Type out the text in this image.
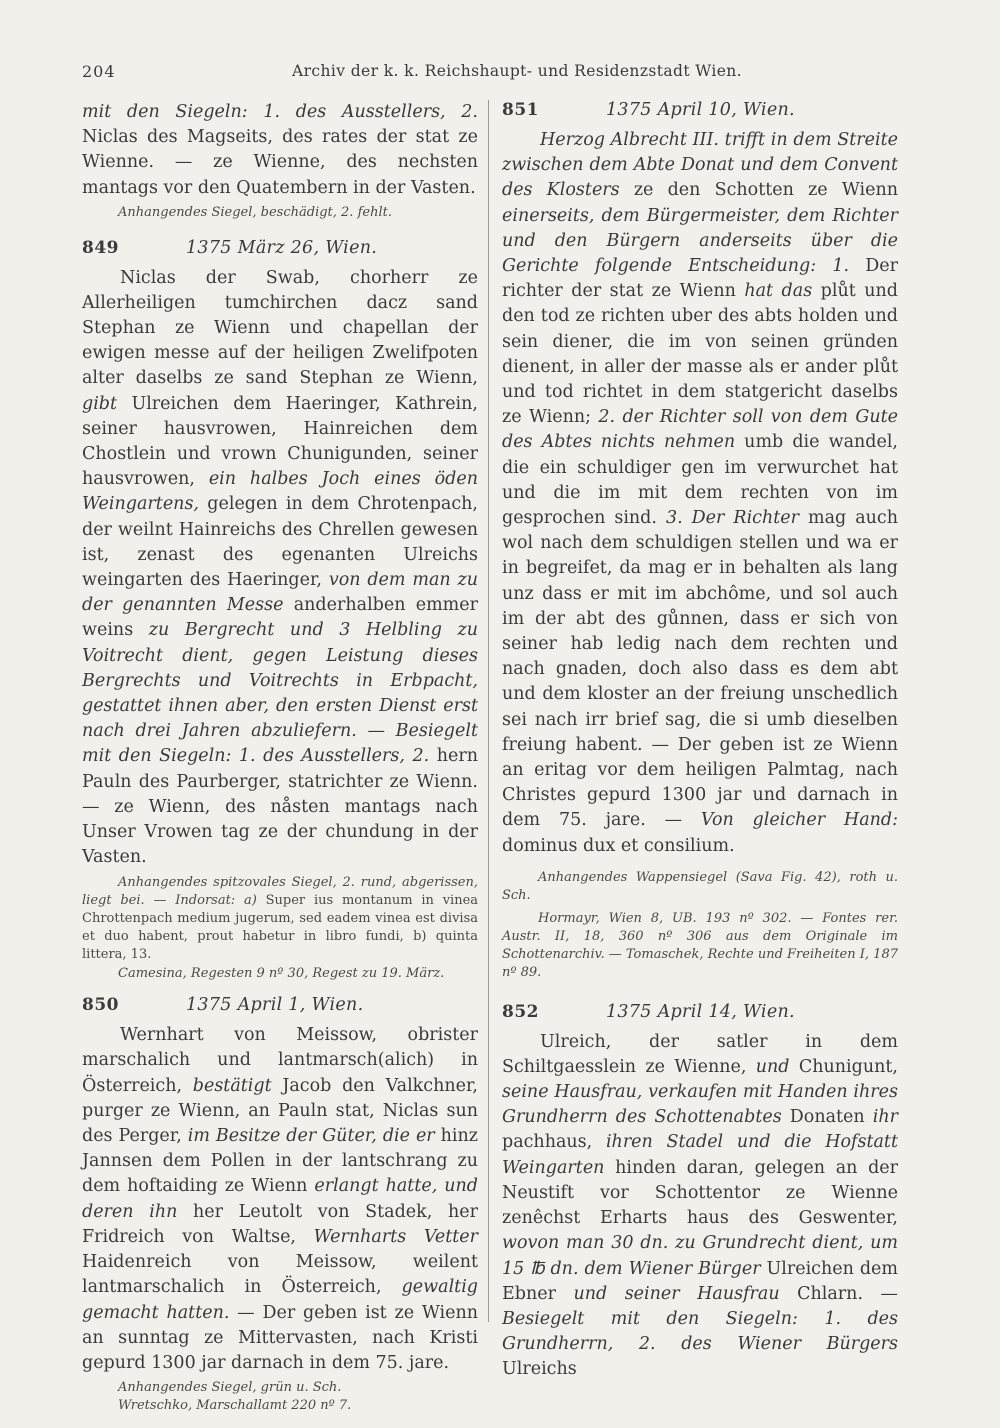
204	Archiv der k. k. Reichshaupt- und Residenzstadt Wien.

mit den Siegeln: 1. des Ausstellers, 2. Niclas des Magseits, des rates der stat ze Wienne. — ze Wienne, des nechsten mantags vor den Quatembern in der Vasten.

Anhangendes Siegel, beschädigt, 2. fehlt.
849	1375 März 26, Wien.

Niclas der Swab, chorherr ze Allerheiligen tumchirchen dacz sand Stephan ze Wienn und chapellan der ewigen messe auf der heiligen Zwelifpoten alter daselbs ze sand Stephan ze Wienn, gibt Ulreichen dem Haeringer, Kathrein, seiner hausvrowen, Hainreichen dem Chostlein und vrown Chunigunden, seiner hausvrowen, ein halbes Joch eines öden Weingartens, gelegen in dem Chrotenpach, der weilnt Hainreichs des Chrellen gewesen ist, zenast des egenanten Ulreichs weingarten des Haeringer, von dem man zu der genannten Messe anderhalben emmer weins zu Bergrecht und 3 Helbling zu Voitrecht dient, gegen Leistung dieses Bergrechts und Voitrechts in Erbpacht, gestattet ihnen aber, den ersten Dienst erst nach drei Jahren abzuliefern. — Besiegelt mit den Siegeln: 1. des Ausstellers, 2. hern Pauln des Paurberger, statrichter ze Wienn. — ze Wienn, des nåsten mantags nach Unser Vrowen tag ze der chundung in der Vasten.

Anhangendes spitzovales Siegel, 2. rund, abgerissen, liegt bei. — Indorsat: a) Super ius montanum in vinea Chrottenpach medium jugerum, sed eadem vinea est divisa et duo habent, prout habetur in libro fundi, b) quinta littera, 13.
Camesina, Regesten 9 nº 30, Regest zu 19. März.
850	1375 April 1, Wien.

Wernhart von Meissow, obrister marschalich und lantmarsch(alich) in Österreich, bestätigt Jacob den Valkchner, purger ze Wienn, an Pauln stat, Niclas sun des Perger, im Besitze der Güter, die er hinz Jannsen dem Pollen in der lantschrang zu dem hoftaiding ze Wienn erlangt hatte, und deren ihn her Leutolt von Stadek, her Fridreich von Waltse, Wernharts Vetter Haidenreich von Meissow, weilent lantmarschalich in Österreich, gewaltig gemacht hatten. — Der geben ist ze Wienn an sunntag ze Mittervasten, nach Kristi gepurd 1300 jar darnach in dem 75. jare.

Anhangendes Siegel, grün u. Sch.
Wretschko, Marschallamt 220 nº 7.
851	1375 April 10, Wien.

Herzog Albrecht III. trifft in dem Streite zwischen dem Abte Donat und dem Convent des Klosters ze den Schotten ze Wienn einerseits, dem Bürgermeister, dem Richter und den Bürgern anderseits über die Gerichte folgende Entscheidung: 1. Der richter der stat ze Wienn hat das plůt und den tod ze richten uber des abts holden und sein diener, die im von seinen gründen dienent, in aller der masse als er ander plůt und tod richtet in dem statgericht daselbs ze Wienn; 2. der Richter soll von dem Gute des Abtes nichts nehmen umb die wandel, die ein schuldiger gen im verwurchet hat und die im mit dem rechten von im gesprochen sind. 3. Der Richter mag auch wol nach dem schuldigen stellen und wa er in begreifet, da mag er in behalten als lang unz dass er mit im abchôme, und sol auch im der abt des gůnnen, dass er sich von seiner hab ledig nach dem rechten und nach gnaden, doch also dass es dem abt und dem kloster an der freiung unschedlich sei nach irr brief sag, die si umb dieselben freiung habent. — Der geben ist ze Wienn an eritag vor dem heiligen Palmtag, nach Christes gepurd 1300 jar und darnach in dem 75. jare. — Von gleicher Hand: dominus dux et consilium.

Anhangendes Wappensiegel (Sava Fig. 42), roth u. Sch.
Hormayr, Wien 8, UB. 193 nº 302. — Fontes rer. Austr. II, 18, 360 nº 306 aus dem Originale im Schottenarchiv. — Tomaschek, Rechte und Freiheiten I, 187 nº 89.
852	1375 April 14, Wien.

Ulreich, der satler in dem Schiltgaesslein ze Wienne, und Chunigunt, seine Hausfrau, verkaufen mit Handen ihres Grundherrn des Schottenabtes Donaten ihr pachhaus, ihren Stadel und die Hofstatt Weingarten hinden daran, gelegen an der Neustift vor Schottentor ze Wienne zenêchst Erharts haus des Geswenter, wovon man 30 dn. zu Grundrecht dient, um 15 ℔ dn. dem Wiener Bürger Ulreichen dem Ebner und seiner Hausfrau Chlarn. — Besiegelt mit den Siegeln: 1. des Grundherrn, 2. des Wiener Bürgers Ulreichs
